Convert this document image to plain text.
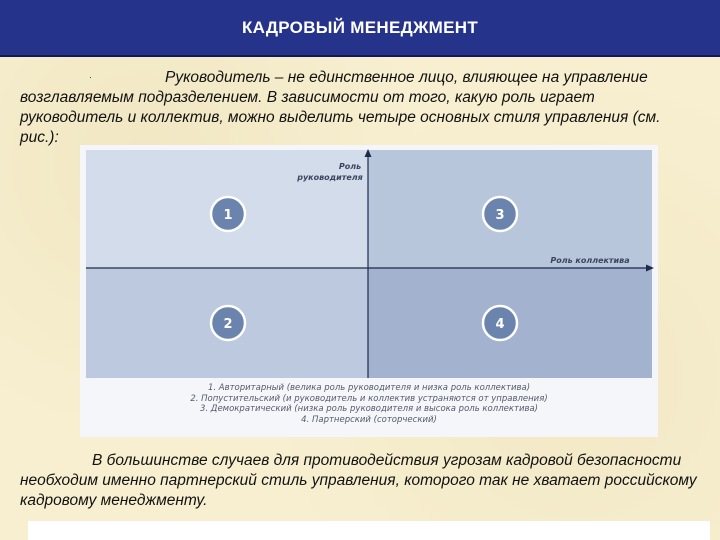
КАДРОВЫЙ МЕНЕДЖМЕНТ

Руководитель – не единственное лицо, влияющее на управление возглавляемым подразделением. В зависимости от того, какую роль играет руководитель и коллектив, можно выделить четыре основных стиля управления (см. рис.):

Роль
руководителя
Роль коллектива
1	3
2	4
1. Авторитарный (велика роль руководителя и низка роль коллектива)
2. Попустительский (и руководитель и коллектив устраняются от управления)
3. Демократический (низка роль руководителя и высока роль коллектива)
4. Партнерский (соторческий)

В большинстве случаев для противодействия угрозам кадровой безопасности необходим именно партнерский стиль управления, которого так не хватает российскому кадровому менеджменту.
